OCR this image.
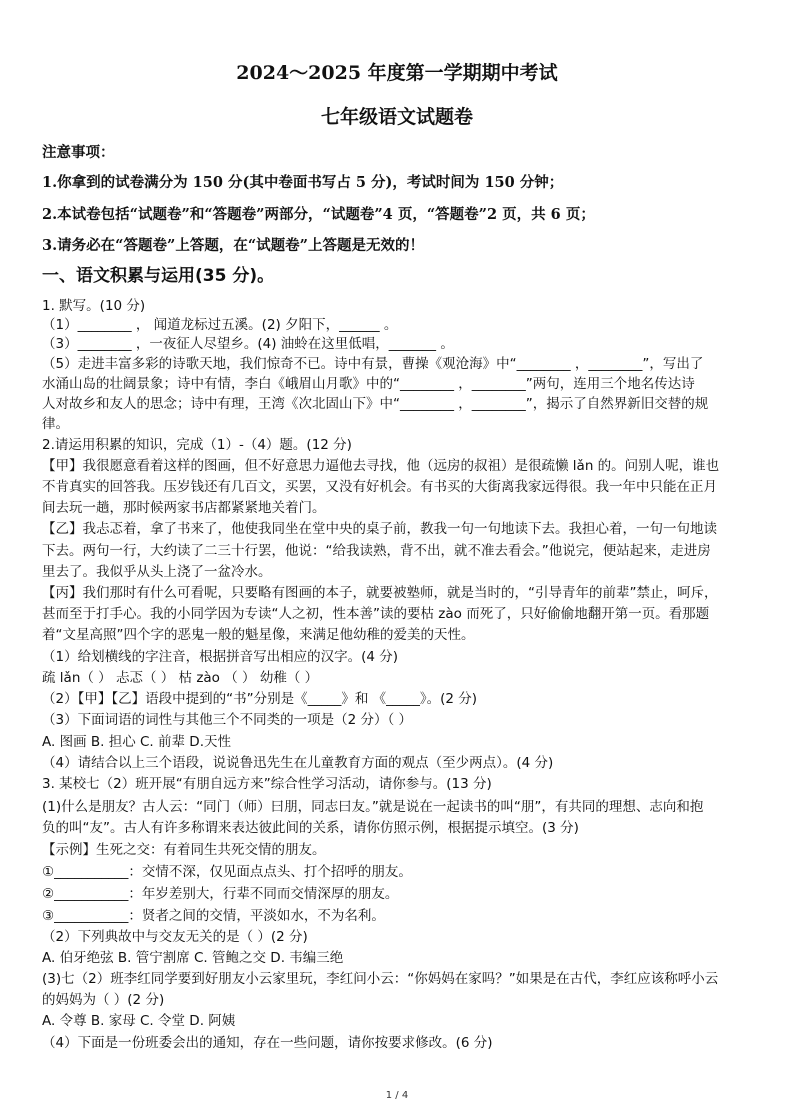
2024～2025 年度第一学期期中考试
七年级语文试题卷
注意事项：
1.你拿到的试卷满分为 150 分(其中卷面书写占 5 分)，考试时间为 150 分钟；
2.本试卷包括“试题卷”和“答题卷”两部分，“试题卷”4 页，“答题卷”2 页，共 6 页；
3.请务必在“答题卷”上答题，在“试题卷”上答题是无效的！
一、语文积累与运用(35 分)。
1. 默写。(10 分)
（1）________ ， 闻道龙标过五溪。(2) 夕阳下，______ 。
（3）________ ，一夜征人尽望乡。(4) 油蛉在这里低唱，_______ 。
（5）走进丰富多彩的诗歌天地，我们惊奇不已。诗中有景，曹操《观沧海》中“________ ，________”，写出了
水涌山岛的壮阔景象；诗中有情，李白《峨眉山月歌》中的“________ ，________”两句，连用三个地名传达诗
人对故乡和友人的思念；诗中有理，王湾《次北固山下》中“________ ，________”，揭示了自然界新旧交替的规
律。
2.请运用积累的知识，完成（1）-（4）题。(12 分)
【甲】我很愿意看着这样的图画，但不好意思力逼他去寻找，他（远房的叔祖）是很疏懒 lǎn 的。问别人呢，谁也
不肯真实的回答我。压岁钱还有几百文，买罢，又没有好机会。有书买的大街离我家远得很。我一年中只能在正月
间去玩一趟，那时候两家书店都紧紧地关着门。
【乙】我忐忑着，拿了书来了，他使我同坐在堂中央的桌子前，教我一句一句地读下去。我担心着，一句一句地读
下去。两句一行，大约读了二三十行罢，他说：“给我读熟，背不出，就不准去看会。”他说完，便站起来，走进房
里去了。我似乎从头上浇了一盆冷水。
【丙】我们那时有什么可看呢，只要略有图画的本子，就要被塾师，就是当时的，“引导青年的前辈”禁止，呵斥，
甚而至于打手心。我的小同学因为专读“人之初，性本善”读的要枯 zào 而死了，只好偷偷地翻开第一页。看那题
着“文星高照”四个字的恶鬼一般的魁星像，来满足他幼稚的爱美的天性。
（1）给划横线的字注音，根据拼音写出相应的汉字。(4 分)
疏 lǎn（ ） 忐忑（ ） 枯 zào （ ） 幼稚（ ）
（2）【甲】【乙】语段中提到的“书”分别是《_____》和 《_____》。(2 分)
（3）下面词语的词性与其他三个不同类的一项是（2 分）（ ）
A. 图画 B. 担心 C. 前辈 D.天性
（4）请结合以上三个语段，说说鲁迅先生在儿童教育方面的观点（至少两点）。(4 分)
3. 某校七（2）班开展“有朋自远方来”综合性学习活动，请你参与。(13 分)
(1)什么是朋友？古人云：“同门（师）曰朋，同志曰友。”就是说在一起读书的叫“朋”，有共同的理想、志向和抱
负的叫“友”。古人有许多称谓来表达彼此间的关系，请你仿照示例，根据提示填空。(3 分)
【示例】生死之交：有着同生共死交情的朋友。
①___________：交情不深，仅见面点点头、打个招呼的朋友。
②___________：年岁差别大，行辈不同而交情深厚的朋友。
③___________：贤者之间的交情，平淡如水，不为名利。
（2）下列典故中与交友无关的是（ ）(2 分)
A. 伯牙绝弦 B. 管宁割席 C. 管鲍之交 D. 韦编三绝
(3)七（2）班李红同学要到好朋友小云家里玩，李红问小云：“你妈妈在家吗？”如果是在古代，李红应该称呼小云
的妈妈为（ ）(2 分)
A. 令尊 B. 家母 C. 令堂 D. 阿姨
（4）下面是一份班委会出的通知，存在一些问题，请你按要求修改。(6 分)
1 / 4
